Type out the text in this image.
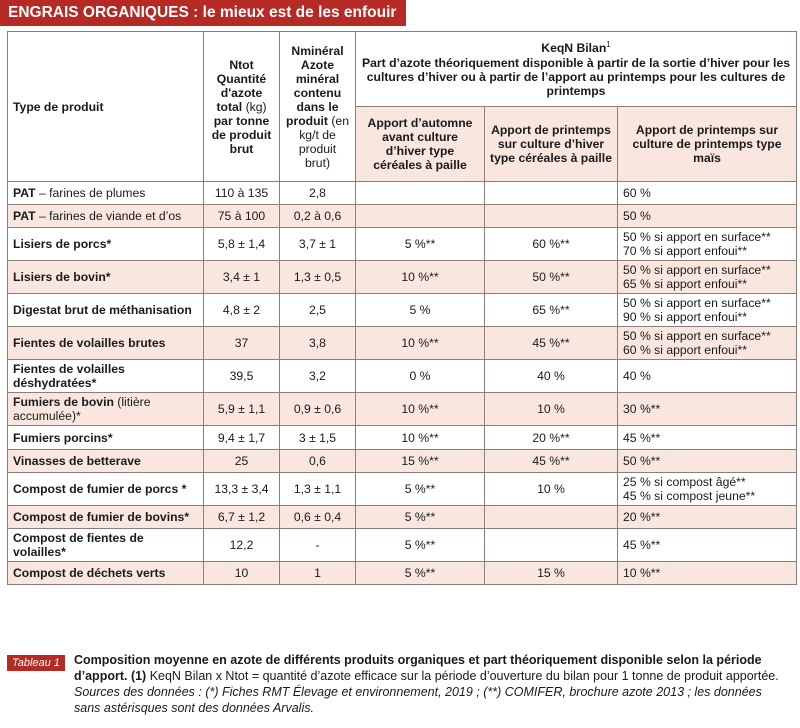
ENGRAIS ORGANIQUES : le mieux est de les enfouir
Type de produit	Ntot Quantité d'azote total (kg) par tonne de produit brut	Nminéral Azote minéral contenu dans le produit (en kg/t de produit brut)	KeqN Bilan$^1$
Part d’azote théoriquement disponible à partir de la sortie d’hiver pour les cultures d’hiver ou à partir de l’apport au printemps pour les cultures de printemps		
			Apport d’automne avant culture d’hiver type céréales à paille	Apport de printemps sur culture d’hiver type céréales à paille	Apport de printemps sur culture de printemps type maïs
PAT – farines de plumes	110 à 135	2,8			60 %

PAT – farines de viande et d’os	75 à 100	0,2 à 0,6			50 %

Lisiers de porcs*	5,8 ± 1,4	3,7 ± 1	5 %**	60 %**	50 % si apport en surface**
70 % si apport enfoui**

Lisiers de bovin*	3,4 ± 1	1,3 ± 0,5	10 %**	50 %**	50 % si apport en surface**
65 % si apport enfoui**

Digestat brut de méthanisation	4,8 ± 2	2,5	5 %	65 %**	50 % si apport en surface**
90 % si apport enfoui**

Fientes de volailles brutes	37	3,8	10 %**	45 %**	50 % si apport en surface**
60 % si apport enfoui**

Fientes de volailles déshydratées*	39,5	3,2	0 %	40 %	40 %

Fumiers de bovin (litière accumulée)*	5,9 ± 1,1	0,9 ± 0,6	10 %**	10 %	30 %**

Fumiers porcins*	9,4 ± 1,7	3 ± 1,5	10 %**	20 %**	45 %**

Vinasses de betterave	25	0,6	15 %**	45 %**	50 %**

Compost de fumier de porcs *	13,3 ± 3,4	1,3 ± 1,1	5 %**	10 %	25 % si compost âgé**
45 % si compost jeune**

Compost de fumier de bovins*	6,7 ± 1,2	0,6 ± 0,4	5 %**		20 %**

Compost de fientes de volailles*	12,2	-	5 %**		45 %**

Compost de déchets verts	10	1	5 %**	15 %	10 %**
Tableau 1	Composition moyenne en azote de différents produits organiques et part théoriquement disponible selon la période d’apport. (1) KeqN Bilan x Ntot = quantité d’azote efficace sur la période d’ouverture du bilan pour 1 tonne de produit apportée. Sources des données : (*) Fiches RMT Élevage et environnement, 2019 ; (**) COMIFER, brochure azote 2013 ; les données sans astérisques sont des données Arvalis.
